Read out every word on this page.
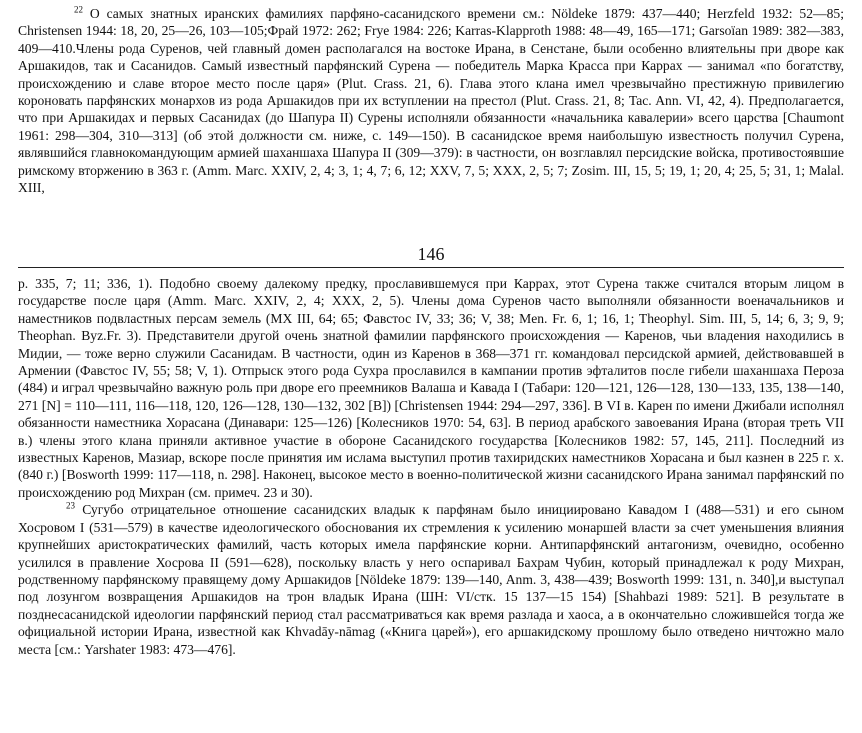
$^{22}$ О самых знатных иранских фамилиях парфяно-сасанидского времени см.: Nöldeke 1879: 437—440; Herzfeld 1932: 52—85; Christensen 1944: 18, 20, 25—26, 103—105;Фрай 1972: 262; Frye 1984: 226; Karras-Klapproth 1988: 48—49, 165—171; Garsoïan 1989: 382—383, 409—410.Члены рода Суренов, чей главный домен располагался на востоке Ирана, в Сенстане, были особенно влиятельны при дворе как Аршакидов, так и Сасанидов. Самый известный парфянский Сурена — победитель Марка Красса при Каррах — занимал «по богатству, происхождению и славе второе место после царя» (Plut. Crass. 21, 6). Глава этого клана имел чрезвычайно престижную привилегию короновать парфянских монархов из рода Аршакидов при их вступлении на престол (Plut. Crass. 21, 8; Tac. Ann. VI, 42, 4). Предполагается, что при Аршакидах и первых Сасанидах (до Шапура II) Сурены исполняли обязанности «начальника кавалерии» всего царства [Chaumont 1961: 298—304, 310—313] (об этой должности см. ниже, с. 149—150). В сасанидское время наибольшую известность получил Сурена, являвшийся главнокомандующим армией шаханшаха Шапура II (309—379): в частности, он возглавлял персидские войска, противостоявшие римскому вторжению в 363 г. (Amm. Marc. XXIV, 2, 4; 3, 1; 4, 7; 6, 12; XXV, 7, 5; XXX, 2, 5; 7; Zosim. III, 15, 5; 19, 1; 20, 4; 25, 5; 31, 1; Malal. XIII,

146

p. 335, 7; 11; 336, 1). Подобно своему далекому предку, прославившемуся при Каррах, этот Сурена также считался вторым лицом в государстве после царя (Amm. Marc. XXIV, 2, 4; XXX, 2, 5). Члены дома Суренов часто выполняли обязанности военачальников и наместников подвластных персам земель (МХ III, 64; 65; Фавстос IV, 33; 36; V, 38; Men. Fr. 6, 1; 16, 1; Theophyl. Sim. III, 5, 14; 6, 3; 9, 9; Theophan. Byz.Fr. 3). Представители другой очень знатной фамилии парфянского происхождения — Каренов, чьи владения находились в Мидии, — тоже верно служили Сасанидам. В частности, один из Каренов в 368—371 гг. командовал персидской армией, действовавшей в Армении (Фавстос IV, 55; 58; V, 1). Отпрыск этого рода Сухра прославился в кампании против эфталитов после гибели шаханшаха Пероза (484) и играл чрезвычайно важную роль при дворе его преемников Валаша и Кавада I (Табари: 120—121, 126—128, 130—133, 135, 138—140, 271 [N] = 110—111, 116—118, 120, 126—128, 130—132, 302 [B]) [Christensen 1944: 294—297, 336]. В VI в. Карен по имени Джибали исполнял обязанности наместника Хорасана (Динавари: 125—126) [Колесников 1970: 54, 63]. В период арабского завоевания Ирана (вторая треть VII в.) члены этого клана приняли активное участие в обороне Сасанидского государства [Колесников 1982: 57, 145, 211]. Последний из известных Каренов, Мазиар, вскоре после принятия им ислама выступил против тахиридских наместников Хорасана и был казнен в 225 г. х. (840 г.) [Bosworth 1999: 117—118, n. 298]. Наконец, высокое место в военно-политической жизни сасанидского Ирана занимал парфянский по происхождению род Михран (см. примеч. 23 и 30).

$^{23}$ Сугубо отрицательное отношение сасанидских владык к парфянам было инициировано Кавадом I (488—531) и его сыном Хосровом I (531—579) в качестве идеологического обоснования их стремления к усилению монаршей власти за счет уменьшения влияния крупнейших аристократических фамилий, часть которых имела парфянские корни. Антипарфянский антагонизм, очевидно, особенно усилился в правление Хосрова II (591—628), поскольку власть у него оспаривал Бахрам Чубин, который принадлежал к роду Михран, родственному парфянскому правящему дому Аршакидов [Nöldeke 1879: 139—140, Anm. 3, 438—439; Bosworth 1999: 131, n. 340],и выступал под лозунгом возвращения Аршакидов на трон владык Ирана (ШН: VI/стк. 15 137—15 154) [Shahbazi 1989: 521]. В результате в позднесасанидской идеологии парфянский период стал рассматриваться как время разлада и хаоса, а в окончательно сложившейся тогда же официальной истории Ирана, известной как Khvadāy-nāmag («Книга царей»), его аршакидскому прошлому было отведено ничтожно мало места [см.: Yarshater 1983: 473—476].
